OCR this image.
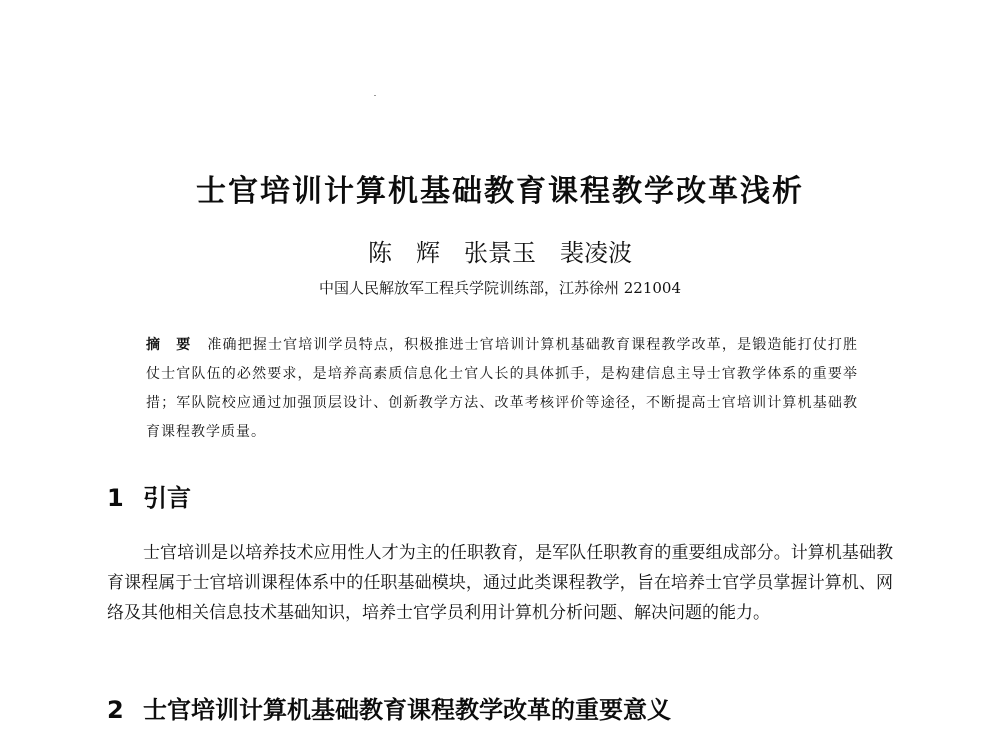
士官培训计算机基础教育课程教学改革浅析
陈　辉　张景玉　裴凌波
中国人民解放军工程兵学院训练部，江苏徐州 221004
摘　要 准确把握士官培训学员特点，积极推进士官培训计算机基础教育课程教学改革，是锻造能打仗打胜仗士官队伍的必然要求，是培养高素质信息化士官人长的具体抓手，是构建信息主导士官教学体系的重要举措；军队院校应通过加强顶层设计、创新教学方法、改革考核评价等途径，不断提高士官培训计算机基础教育课程教学质量。
1 引言
士官培训是以培养技术应用性人才为主的任职教育，是军队任职教育的重要组成部分。计算机基础教育课程属于士官培训课程体系中的任职基础模块，通过此类课程教学，旨在培养士官学员掌握计算机、网络及其他相关信息技术基础知识，培养士官学员利用计算机分析问题、解决问题的能力。
2 士官培训计算机基础教育课程教学改革的重要意义
